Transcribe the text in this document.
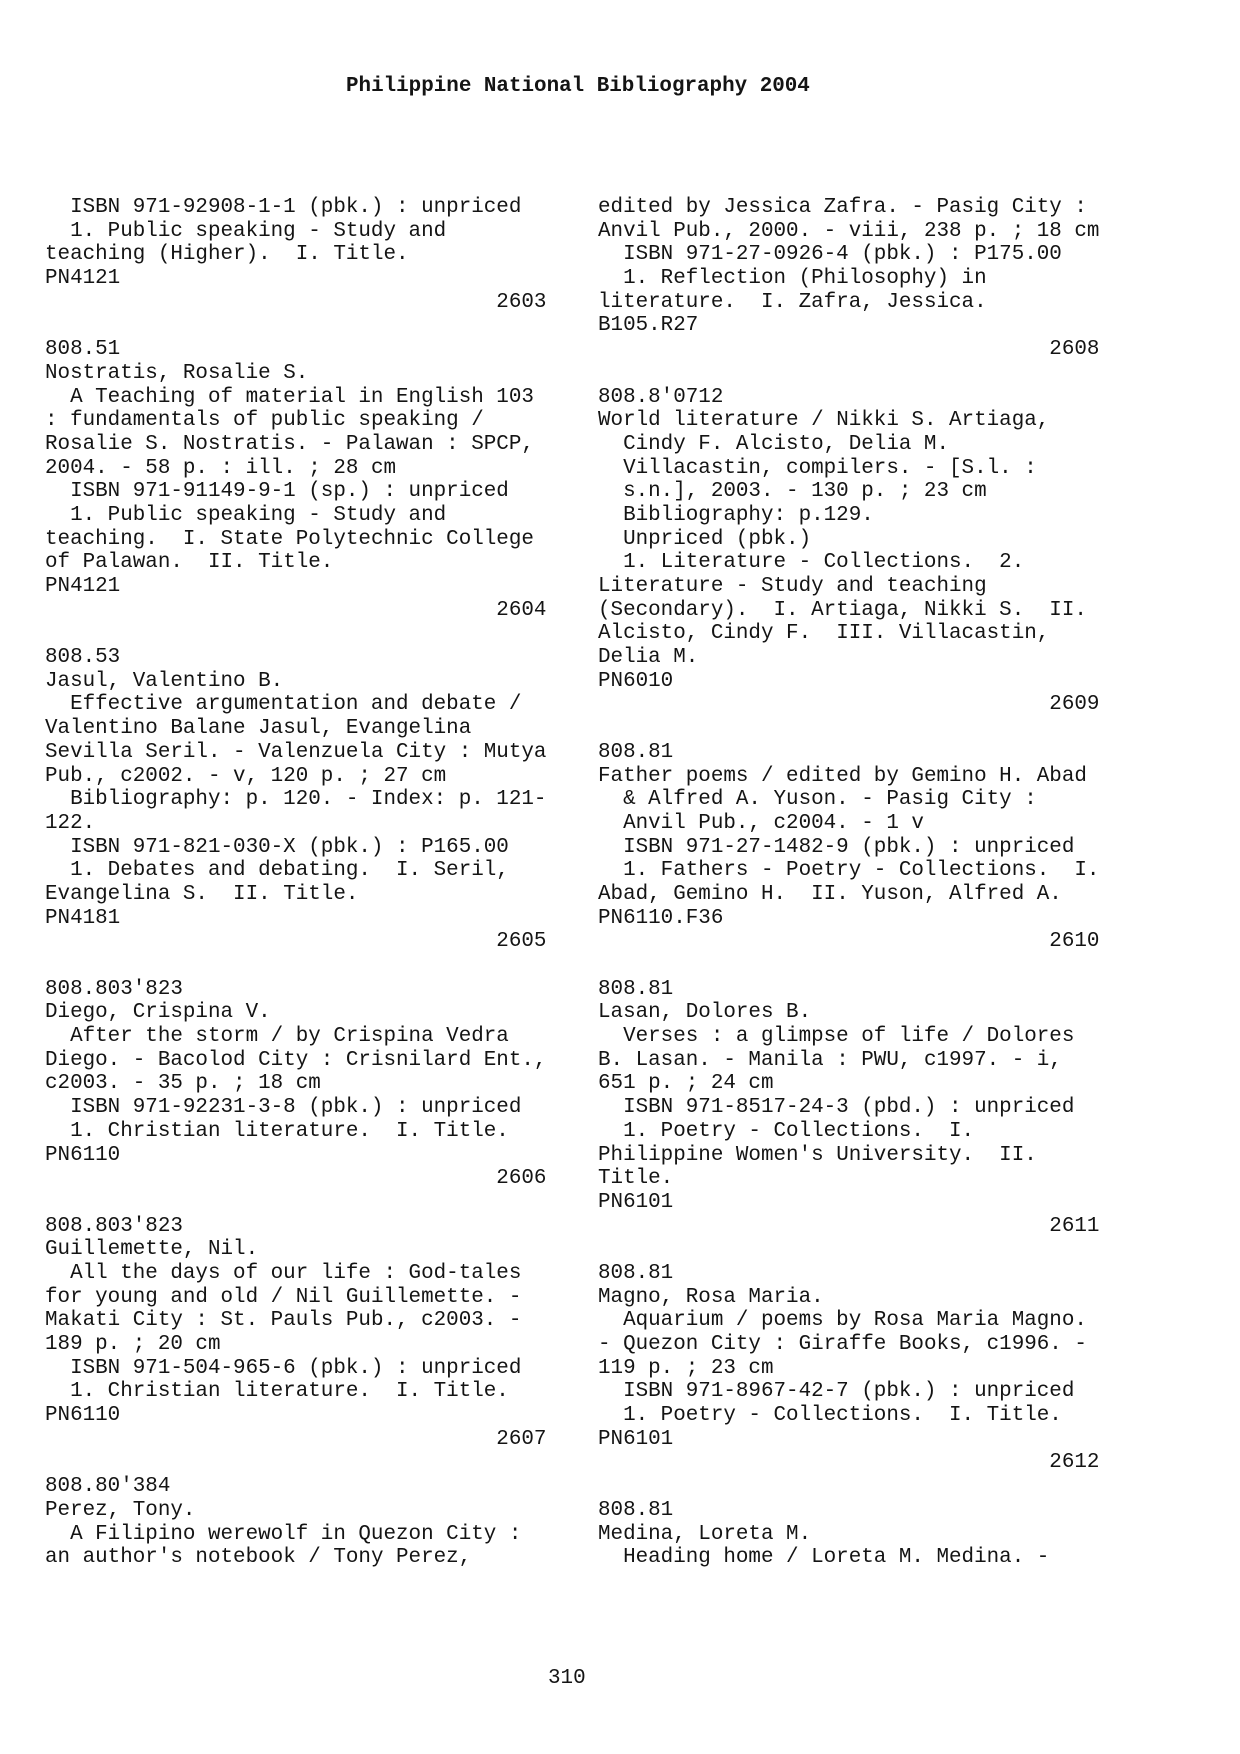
Philippine National Bibliography 2004
ISBN 971-92908-1-1 (pbk.) : unpriced
1. Public speaking - Study and
teaching (Higher).  I. Title.
PN4121
2603
808.51
Nostratis, Rosalie S.
A Teaching of material in English 103
: fundamentals of public speaking /
Rosalie S. Nostratis. - Palawan : SPCP,
2004. - 58 p. : ill. ; 28 cm
ISBN 971-91149-9-1 (sp.) : unpriced
1. Public speaking - Study and
teaching.  I. State Polytechnic College
of Palawan.  II. Title.
PN4121
2604
808.53
Jasul, Valentino B.
Effective argumentation and debate /
Valentino Balane Jasul, Evangelina
Sevilla Seril. - Valenzuela City : Mutya
Pub., c2002. - v, 120 p. ; 27 cm
Bibliography: p. 120. - Index: p. 121-
122.
ISBN 971-821-030-X (pbk.) : P165.00
1. Debates and debating.  I. Seril,
Evangelina S.  II. Title.
PN4181
2605
808.803'823
Diego, Crispina V.
After the storm / by Crispina Vedra
Diego. - Bacolod City : Crisnilard Ent.,
c2003. - 35 p. ; 18 cm
ISBN 971-92231-3-8 (pbk.) : unpriced
1. Christian literature.  I. Title.
PN6110
2606
808.803'823
Guillemette, Nil.
All the days of our life : God-tales
for young and old / Nil Guillemette. -
Makati City : St. Pauls Pub., c2003. -
189 p. ; 20 cm
ISBN 971-504-965-6 (pbk.) : unpriced
1. Christian literature.  I. Title.
PN6110
2607
808.80'384
Perez, Tony.
A Filipino werewolf in Quezon City :
an author's notebook / Tony Perez,
edited by Jessica Zafra. - Pasig City :
Anvil Pub., 2000. - viii, 238 p. ; 18 cm
ISBN 971-27-0926-4 (pbk.) : P175.00
1. Reflection (Philosophy) in
literature.  I. Zafra, Jessica.
B105.R27
2608
808.8'0712
World literature / Nikki S. Artiaga,
Cindy F. Alcisto, Delia M.
Villacastin, compilers. - [S.l. :
s.n.], 2003. - 130 p. ; 23 cm
Bibliography: p.129.
Unpriced (pbk.)
1. Literature - Collections.  2.
Literature - Study and teaching
(Secondary).  I. Artiaga, Nikki S.  II.
Alcisto, Cindy F.  III. Villacastin,
Delia M.
PN6010
2609
808.81
Father poems / edited by Gemino H. Abad
& Alfred A. Yuson. - Pasig City :
Anvil Pub., c2004. - 1 v
ISBN 971-27-1482-9 (pbk.) : unpriced
1. Fathers - Poetry - Collections.  I.
Abad, Gemino H.  II. Yuson, Alfred A.
PN6110.F36
2610
808.81
Lasan, Dolores B.
Verses : a glimpse of life / Dolores
B. Lasan. - Manila : PWU, c1997. - i,
651 p. ; 24 cm
ISBN 971-8517-24-3 (pbd.) : unpriced
1. Poetry - Collections.  I.
Philippine Women's University.  II.
Title.
PN6101
2611
808.81
Magno, Rosa Maria.
Aquarium / poems by Rosa Maria Magno.
- Quezon City : Giraffe Books, c1996. -
119 p. ; 23 cm
ISBN 971-8967-42-7 (pbk.) : unpriced
1. Poetry - Collections.  I. Title.
PN6101
2612
808.81
Medina, Loreta M.
Heading home / Loreta M. Medina. -
310
